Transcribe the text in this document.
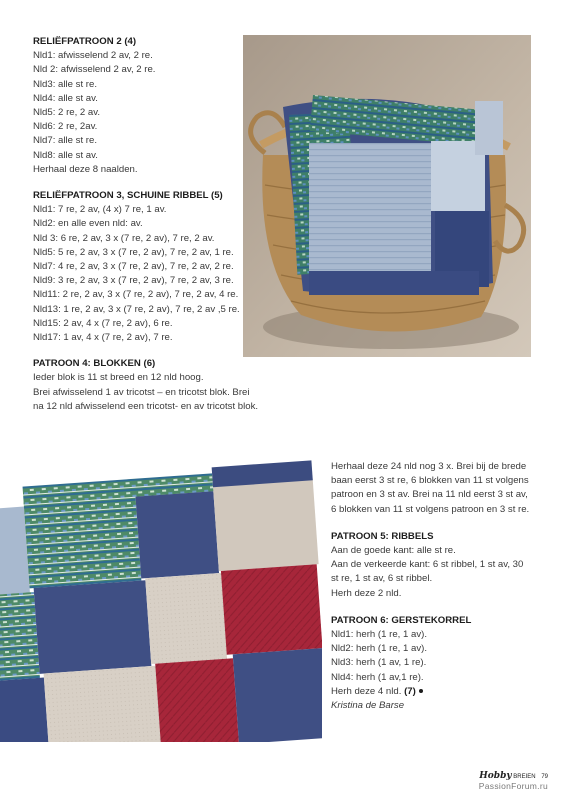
RELIËFPATROON 2 (4)
Nld1: afwisselend 2 av, 2 re.
Nld 2: afwisselend 2 av, 2 re.
Nld3: alle st re.
Nld4: alle st av.
Nld5: 2 re, 2 av.
Nld6: 2 re, 2av.
Nld7: alle st re.
Nld8: alle st av.
Herhaal deze 8 naalden.
RELIËFPATROON 3, SCHUINE RIBBEL (5)
Nld1: 7 re, 2 av, (4 x) 7 re, 1 av.
Nld2: en alle even nld: av.
Nld 3: 6 re, 2 av, 3 x (7 re, 2 av), 7 re, 2 av.
Nld5: 5 re, 2 av, 3 x (7 re, 2 av), 7 re, 2 av, 1 re.
Nld7: 4 re, 2 av, 3 x (7 re, 2 av), 7 re, 2 av, 2 re.
Nld9: 3 re, 2 av, 3 x (7 re, 2 av), 7 re, 2 av, 3 re.
Nld11: 2 re, 2 av, 3 x (7 re, 2 av), 7 re, 2 av, 4 re.
Nld13: 1 re, 2 av, 3 x (7 re, 2 av), 7 re, 2 av ,5 re.
Nld15: 2 av, 4 x (7 re, 2 av), 6 re.
Nld17: 1 av, 4 x (7 re, 2 av), 7 re.
PATROON 4: BLOKKEN (6)
Ieder blok is 11 st breed en 12 nld hoog.
Brei afwisselend 1 av tricotst – en tricotst blok. Brei
na 12 nld afwisselend een tricotst- en av tricotst blok.
Herhaal deze 24 nld nog 3 x. Brei bij de brede
baan eerst 3 st re, 6 blokken van 11 st volgens
patroon en 3 st av. Brei na 11 nld eerst 3 st av,
6 blokken van 11 st volgens patroon en 3 st re.
PATROON 5: RIBBELS
Aan de goede kant: alle st re.
Aan de verkeerde kant: 6 st ribbel, 1 st av, 30
st re, 1 st av, 6 st ribbel.
Herh deze 2 nld.
PATROON 6: GERSTEKORREL
Nld1: herh (1 re, 1 av).
Nld2: herh (1 re, 1 av).
Nld3: herh (1 av, 1 re).
Nld4: herh (1 av,1 re).
Herh deze 4 nld. (7)
Kristina de Barse
Hobby BREIEN 79
PassionForum.ru
